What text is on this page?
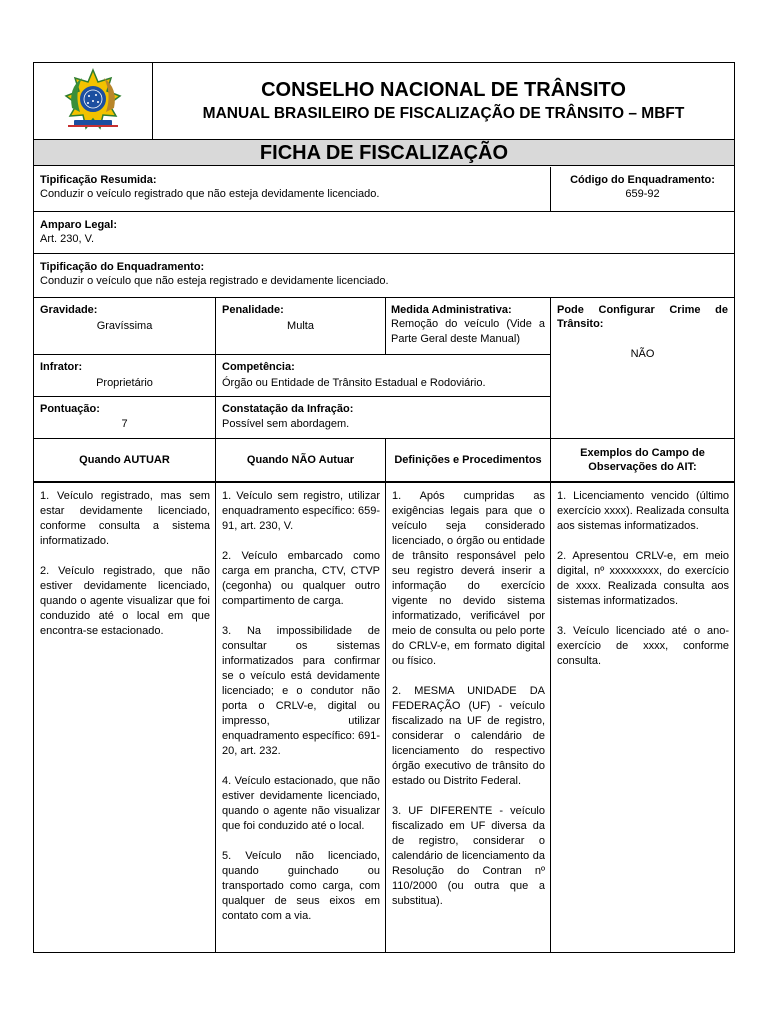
CONSELHO NACIONAL DE TRÂNSITO
MANUAL BRASILEIRO DE FISCALIZAÇÃO DE TRÂNSITO – MBFT
FICHA DE FISCALIZAÇÃO
Tipificação Resumida:
Conduzir o veículo registrado que não esteja devidamente licenciado.
Código do Enquadramento:
659-92
Amparo Legal:
Art. 230, V.
Tipificação do Enquadramento:
Conduzir o veículo que não esteja registrado e devidamente licenciado.
Gravidade:
Gravíssima
Penalidade:
Multa
Medida Administrativa:
Remoção do veículo (Vide a Parte Geral deste Manual)
Pode Configurar Crime de Trânsito:
NÃO
Infrator:
Proprietário
Competência:
Órgão ou Entidade de Trânsito Estadual e Rodoviário.
Pontuação:
7
Constatação da Infração:
Possível sem abordagem.
Quando AUTUAR	Quando NÃO Autuar	Definições e Procedimentos
Exemplos do Campo de Observações do AIT:

1. Veículo registrado, mas sem estar devidamente licenciado, conforme consulta a sistema informatizado.

2. Veículo registrado, que não estiver devidamente licenciado, quando o agente visualizar que foi conduzido até o local em que encontra-se estacionado.

1. Veículo sem registro, utilizar enquadramento específico: 659-91, art. 230, V.

2. Veículo embarcado como carga em prancha, CTV, CTVP (cegonha) ou qualquer outro compartimento de carga.

3. Na impossibilidade de consultar os sistemas informatizados para confirmar se o veículo está devidamente licenciado; e o condutor não porta o CRLV-e, digital ou impresso, utilizar enquadramento específico: 691-20, art. 232.

4. Veículo estacionado, que não estiver devidamente licenciado, quando o agente não visualizar que foi conduzido até o local.

5. Veículo não licenciado, quando guinchado ou transportado como carga, com qualquer de seus eixos em contato com a via.

1. Após cumpridas as exigências legais para que o veículo seja considerado licenciado, o órgão ou entidade de trânsito responsável pelo seu registro deverá inserir a informação do exercício vigente no devido sistema informatizado, verificável por meio de consulta ou pelo porte do CRLV-e, em formato digital ou físico.

2. MESMA UNIDADE DA FEDERAÇÃO (UF) - veículo fiscalizado na UF de registro, considerar o calendário de licenciamento do respectivo órgão executivo de trânsito do estado ou Distrito Federal.

3. UF DIFERENTE - veículo fiscalizado em UF diversa da de registro, considerar o calendário de licenciamento da Resolução do Contran nº 110/2000 (ou outra que a substitua).

1. Licenciamento vencido (último exercício xxxx). Realizada consulta aos sistemas informatizados.

2. Apresentou CRLV-e, em meio digital, nº xxxxxxxxx, do exercício de xxxx. Realizada consulta aos sistemas informatizados.

3. Veículo licenciado até o ano-exercício de xxxx, conforme consulta.
